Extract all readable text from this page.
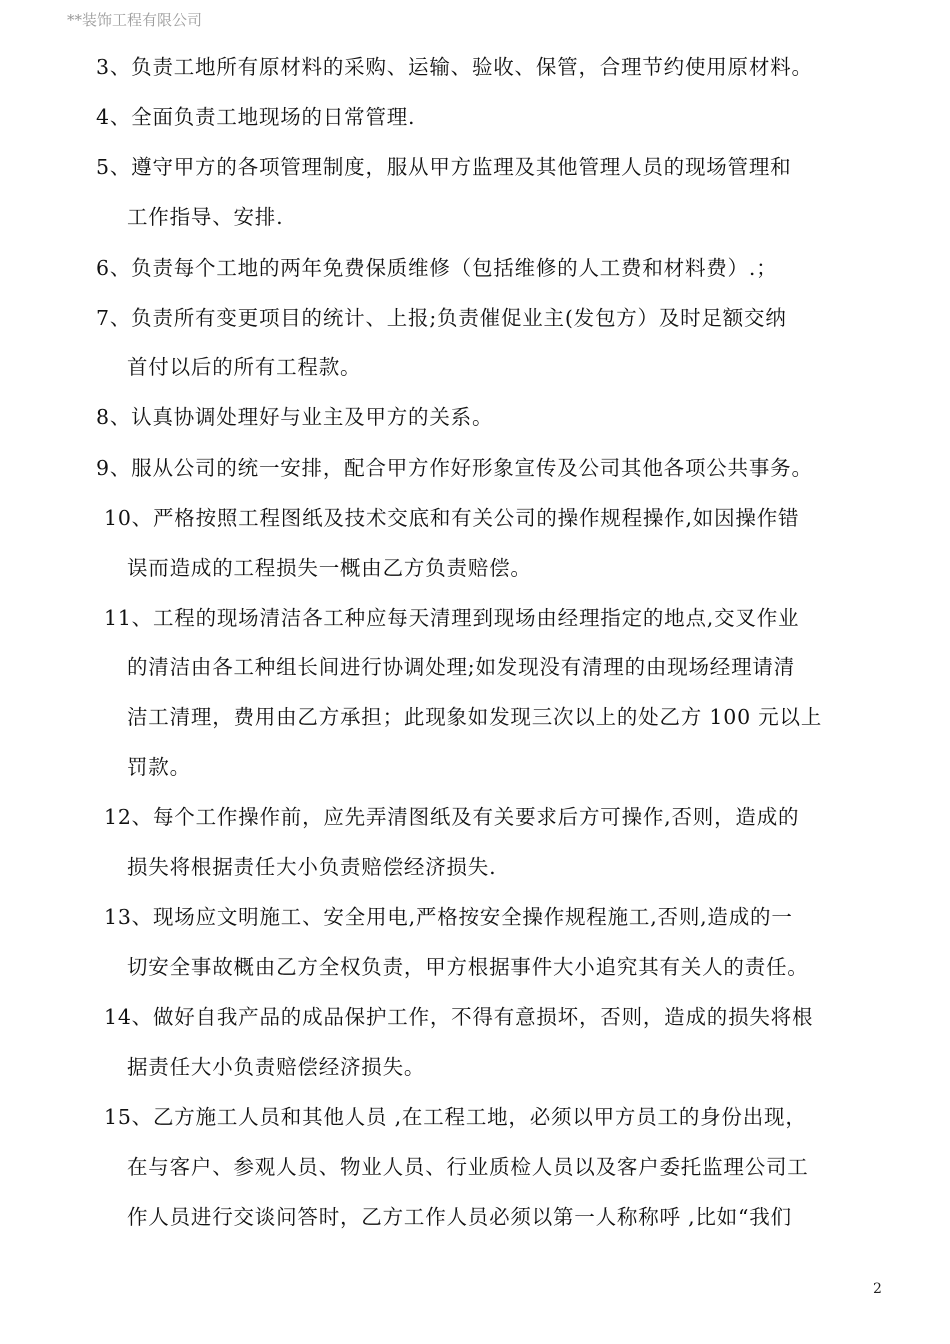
**装饰工程有限公司
3、负责工地所有原材料的采购、运输、验收、保管，合理节约使用原材料。
4、全面负责工地现场的日常管理.
5、遵守甲方的各项管理制度，服从甲方监理及其他管理人员的现场管理和
工作指导、安排.
6、负责每个工地的两年免费保质维修（包括维修的人工费和材料费）.；
7、负责所有变更项目的统计、上报;负责催促业主(发包方）及时足额交纳
首付以后的所有工程款。
8、认真协调处理好与业主及甲方的关系。
9、服从公司的统一安排，配合甲方作好形象宣传及公司其他各项公共事务。
10、严格按照工程图纸及技术交底和有关公司的操作规程操作,如因操作错
误而造成的工程损失一概由乙方负责赔偿。
11、工程的现场清洁各工种应每天清理到现场由经理指定的地点,交叉作业
的清洁由各工种组长间进行协调处理;如发现没有清理的由现场经理请清
洁工清理，费用由乙方承担；此现象如发现三次以上的处乙方 100 元以上
罚款。
12、每个工作操作前，应先弄清图纸及有关要求后方可操作,否则，造成的
损失将根据责任大小负责赔偿经济损失.
13、现场应文明施工、安全用电,严格按安全操作规程施工,否则,造成的一
切安全事故概由乙方全权负责，甲方根据事件大小追究其有关人的责任。
14、做好自我产品的成品保护工作，不得有意损坏，否则，造成的损失将根
据责任大小负责赔偿经济损失。
15、乙方施工人员和其他人员 ,在工程工地，必须以甲方员工的身份出现，
在与客户、参观人员、物业人员、行业质检人员以及客户委托监理公司工
作人员进行交谈问答时，乙方工作人员必须以第一人称称呼 ,比如“我们
2
